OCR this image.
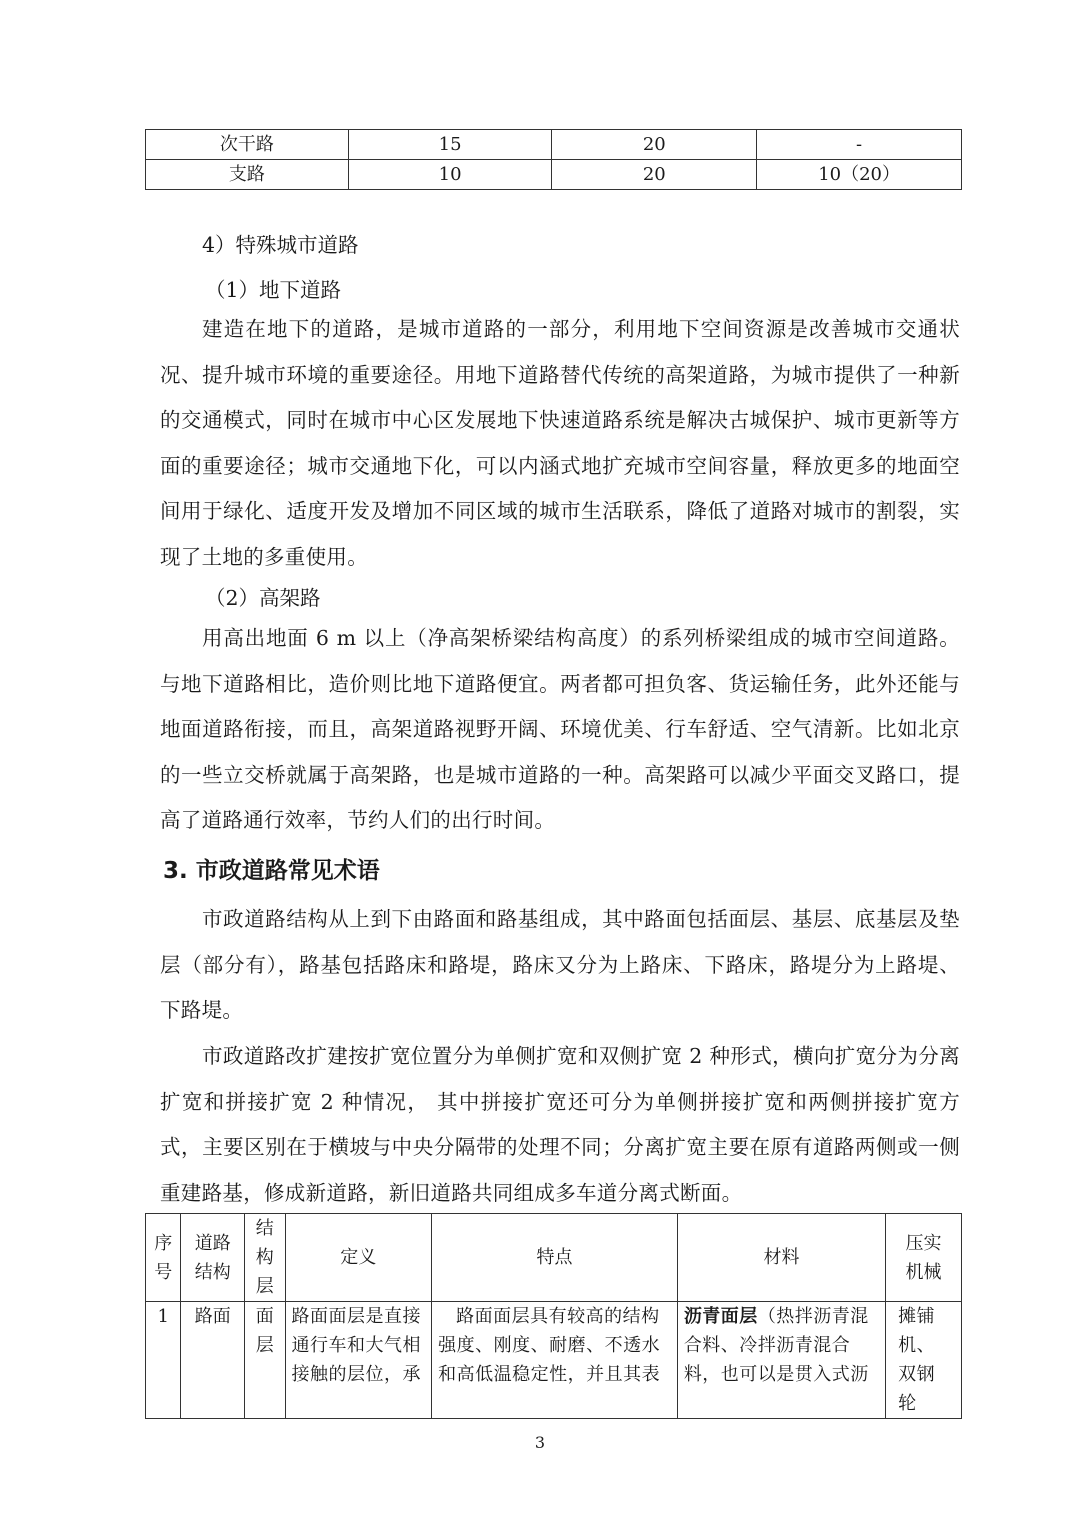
次干路	15	20	-
支路	10	20	10（20）

4）特殊城市道路

（1）地下道路

建造在地下的道路，是城市道路的一部分，利用地下空间资源是改善城市交通状况、提升城市环境的重要途径。用地下道路替代传统的高架道路，为城市提供了一种新的交通模式，同时在城市中心区发展地下快速道路系统是解决古城保护、城市更新等方面的重要途径；城市交通地下化，可以内涵式地扩充城市空间容量，释放更多的地面空间用于绿化、适度开发及增加不同区域的城市生活联系，降低了道路对城市的割裂，实现了土地的多重使用。

（2）高架路

用高出地面 6 m 以上（净高架桥梁结构高度）的系列桥梁组成的城市空间道路。与地下道路相比，造价则比地下道路便宜。两者都可担负客、货运输任务，此外还能与地面道路衔接，而且，高架道路视野开阔、环境优美、行车舒适、空气清新。比如北京的一些立交桥就属于高架路，也是城市道路的一种。高架路可以减少平面交叉路口，提高了道路通行效率，节约人们的出行时间。

3. 市政道路常见术语

市政道路结构从上到下由路面和路基组成，其中路面包括面层、基层、底基层及垫层（部分有），路基包括路床和路堤，路床又分为上路床、下路床，路堤分为上路堤、下路堤。

市政道路改扩建按扩宽位置分为单侧扩宽和双侧扩宽 2 种形式，横向扩宽分为分离扩宽和拼接扩宽 2 种情况， 其中拼接扩宽还可分为单侧拼接扩宽和两侧拼接扩宽方式，主要区别在于横坡与中央分隔带的处理不同；分离扩宽主要在原有道路两侧或一侧重建路基，修成新道路，新旧道路共同组成多车道分离式断面。

序号	道路结构	结构层	定义	特点	材料	压实机械
1	路面	面层	路面面层是直接通行车和大气相接触的层位，承	路面面层具有较高的结构强度、刚度、耐磨、不透水和高低温稳定性，并且其表	沥青面层（热拌沥青混合料、冷拌沥青混合料，也可以是贯入式沥	摊铺机、双钢轮

3
